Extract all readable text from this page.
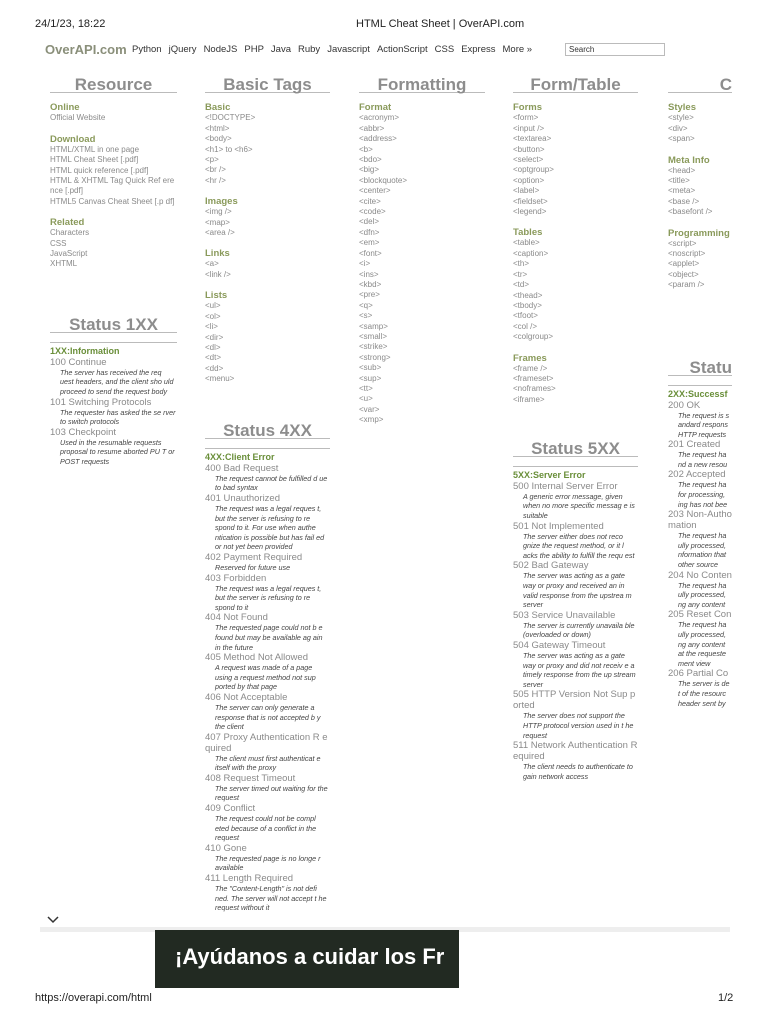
24/1/23, 18:22	HTML Cheat Sheet | OverAPI.com
OverAPI.com Python jQuery NodeJS PHP Java Ruby Javascript ActionScript CSS Express More »	Search
Resource
Online
Official Website
Download
HTML/XTML in one page
HTML Cheat Sheet [.pdf]
HTML quick reference [.pdf]
HTML & XHTML Tag Quick Ref erence [.pdf]
HTML5 Canvas Cheat Sheet [.p df]
Related
Characters
CSS
JavaScript
XHTML
Status 1XX
1XX:Information
100 Continue
The server has received the req uest headers, and the client sho uld proceed to send the request body
101 Switching Protocols
The requester has asked the se rver to switch protocols
103 Checkpoint
Used in the resumable requests proposal to resume aborted PU T or POST requests
Basic Tags
Basic
<!DOCTYPE>
<html>
<body>
<h1> to <h6>
<p>
<br />
<hr />
Images
<img />
<map>
<area />
Links
<a>
<link />
Lists
<ul>
<ol>
<li>
<dir>
<dl>
<dt>
<dd>
<menu>
Status 4XX
4XX:Client Error
400 Bad Request
The request cannot be fulfilled d ue to bad syntax
401 Unauthorized
The request was a legal reques t, but the server is refusing to re spond to it. For use when authe ntication is possible but has fail ed or not yet been provided
402 Payment Required
Reserved for future use
403 Forbidden
The request was a legal reques t, but the server is refusing to re spond to it
404 Not Found
The requested page could not b e found but may be available ag ain in the future
405 Method Not Allowed
A request was made of a page using a request method not sup ported by that page
406 Not Acceptable
The server can only generate a response that is not accepted b y the client
407 Proxy Authentication R equired
The client must first authenticat e itself with the proxy
408 Request Timeout
The server timed out waiting for the request
409 Conflict
The request could not be compl eted because of a conflict in the request
410 Gone
The requested page is no longe r available
411 Length Required
The "Content-Length" is not defi ned. The server will not accept t he request without it
Formatting
Format
<acronym>
<abbr>
<address>
<b>
<bdo>
<big>
<blockquote>
<center>
<cite>
<code>
<del>
<dfn>
<em>
<font>
<i>
<ins>
<kbd>
<pre>
<q>
<s>
<samp>
<small>
<strike>
<strong>
<sub>
<sup>
<tt>
<u>
<var>
<xmp>
Form/Table
Forms
<form>
<input />
<textarea>
<button>
<select>
<optgroup>
<option>
<label>
<fieldset>
<legend>
Tables
<table>
<caption>
<th>
<tr>
<td>
<thead>
<tbody>
<tfoot>
<col />
<colgroup>
Frames
<frame />
<frameset>
<noframes>
<iframe>
Status 5XX
5XX:Server Error
500 Internal Server Error
A generic error message, given when no more specific messag e is suitable
501 Not Implemented
The server either does not reco gnize the request method, or it l acks the ability to fulfill the requ est
502 Bad Gateway
The server was acting as a gate way or proxy and received an in valid response from the upstrea m server
503 Service Unavailable
The server is currently unavaila ble (overloaded or down)
504 Gateway Timeout
The server was acting as a gate way or proxy and did not receiv e a timely response from the up stream server
505 HTTP Version Not Sup ported
The server does not support the HTTP protocol version used in t he request
511 Network Authentication Required
The client needs to authenticate to gain network access
C
Styles
<style>
<div>
<span>
Meta Info
<head>
<title>
<meta>
<base />
<basefont />
Programming
<script>
<noscript>
<applet>
<object>
<param />
Statu
2XX:Successf
200 OK
The request is s andard respons HTTP requests
201 Created
The request ha nd a new resou
202 Accepted
The request ha for processing, ing has not bee
203 Non-Autho mation
The request ha ully processed, nformation that other source
204 No Conten
The request ha ully processed, ng any content
205 Reset Con
The request ha ully processed, ng any content at the requeste ment view
206 Partial Co
The server is de t of the resourc header sent by
¡Ayúdanos a cuidar los Fr
https://overapi.com/html	1/2
